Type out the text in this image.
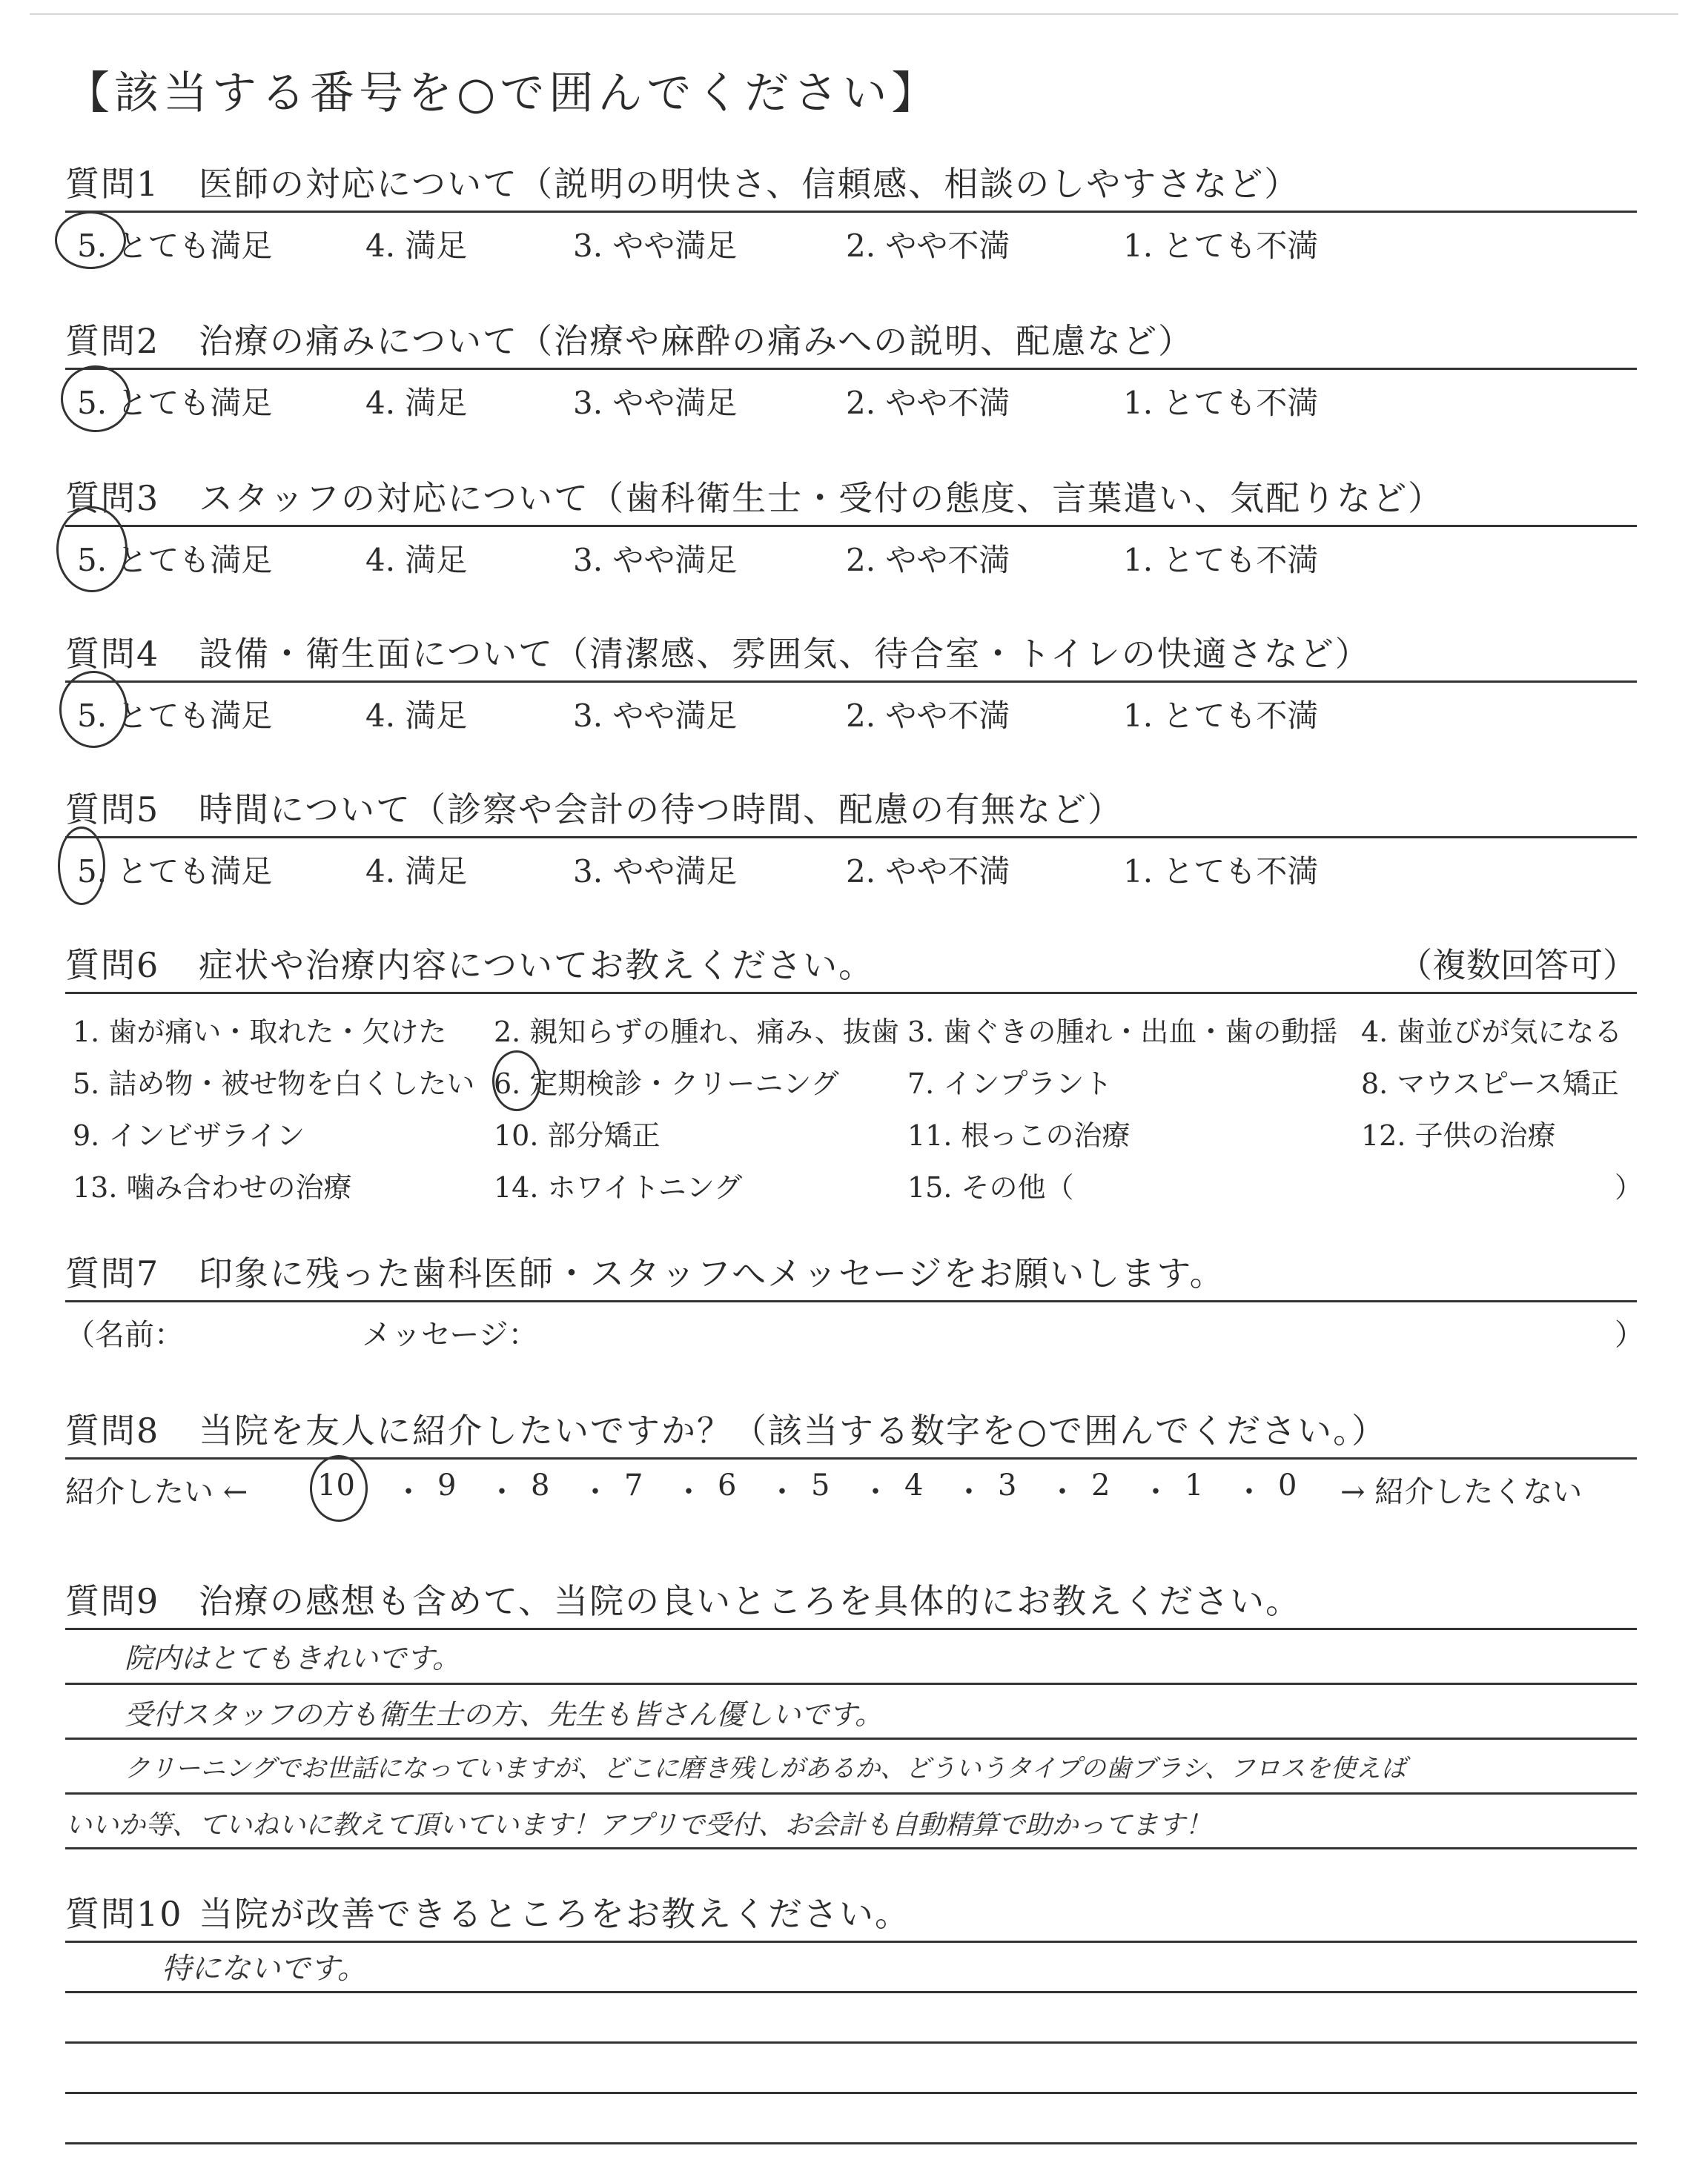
【該当する番号を○で囲んでください】
質問1	医師の対応について（説明の明快さ、信頼感、相談のしやすさなど）
5. とても満足	4. 満足	3. やや満足	2. やや不満	1. とても不満
質問2	治療の痛みについて（治療や麻酔の痛みへの説明、配慮など）
5. とても満足	4. 満足	3. やや満足	2. やや不満	1. とても不満
質問3	スタッフの対応について（歯科衛生士・受付の態度、言葉遣い、気配りなど）
5. とても満足	4. 満足	3. やや満足	2. やや不満	1. とても不満
質問4	設備・衛生面について（清潔感、雰囲気、待合室・トイレの快適さなど）
5. とても満足	4. 満足	3. やや満足	2. やや不満	1. とても不満
質問5	時間について（診察や会計の待つ時間、配慮の有無など）
5. とても満足	4. 満足	3. やや満足	2. やや不満	1. とても不満
質問6	症状や治療内容についてお教えください。	（複数回答可）
1. 歯が痛い・取れた・欠けた 2. 親知らずの腫れ、痛み、抜歯 3. 歯ぐきの腫れ・出血・歯の動揺 4. 歯並びが気になる
5. 詰め物・被せ物を白くしたい 6. 定期検診・クリーニング 7. インプラント	8. マウスピース矯正
9. インビザライン	10. 部分矯正	11. 根っこの治療	12. 子供の治療
13. 噛み合わせの治療	14. ホワイトニング	15. その他（	）
質問7	印象に残った歯科医師・スタッフへメッセージをお願いします。
（名前：	メッセージ：	）
質問8	当院を友人に紹介したいですか？（該当する数字を○で囲んでください。）
紹介したい ← 10 ・ 9 ・ 8 ・ 7 ・ 6 ・ 5 ・ 4 ・ 3 ・ 2 ・ 1 ・ 0 → 紹介したくない
質問9	治療の感想も含めて、当院の良いところを具体的にお教えください。
院内はとてもきれいです。
受付スタッフの方も衛生士の方、先生も皆さん優しいです。
クリーニングでお世話になっていますが、どこに磨き残しがあるか、どういうタイプの歯ブラシ、フロスを使えば
いいか等、ていねいに教えて頂いています！アプリで受付、お会計も自動精算で助かってます！
質問10 当院が改善できるところをお教えください。
特にないです。
